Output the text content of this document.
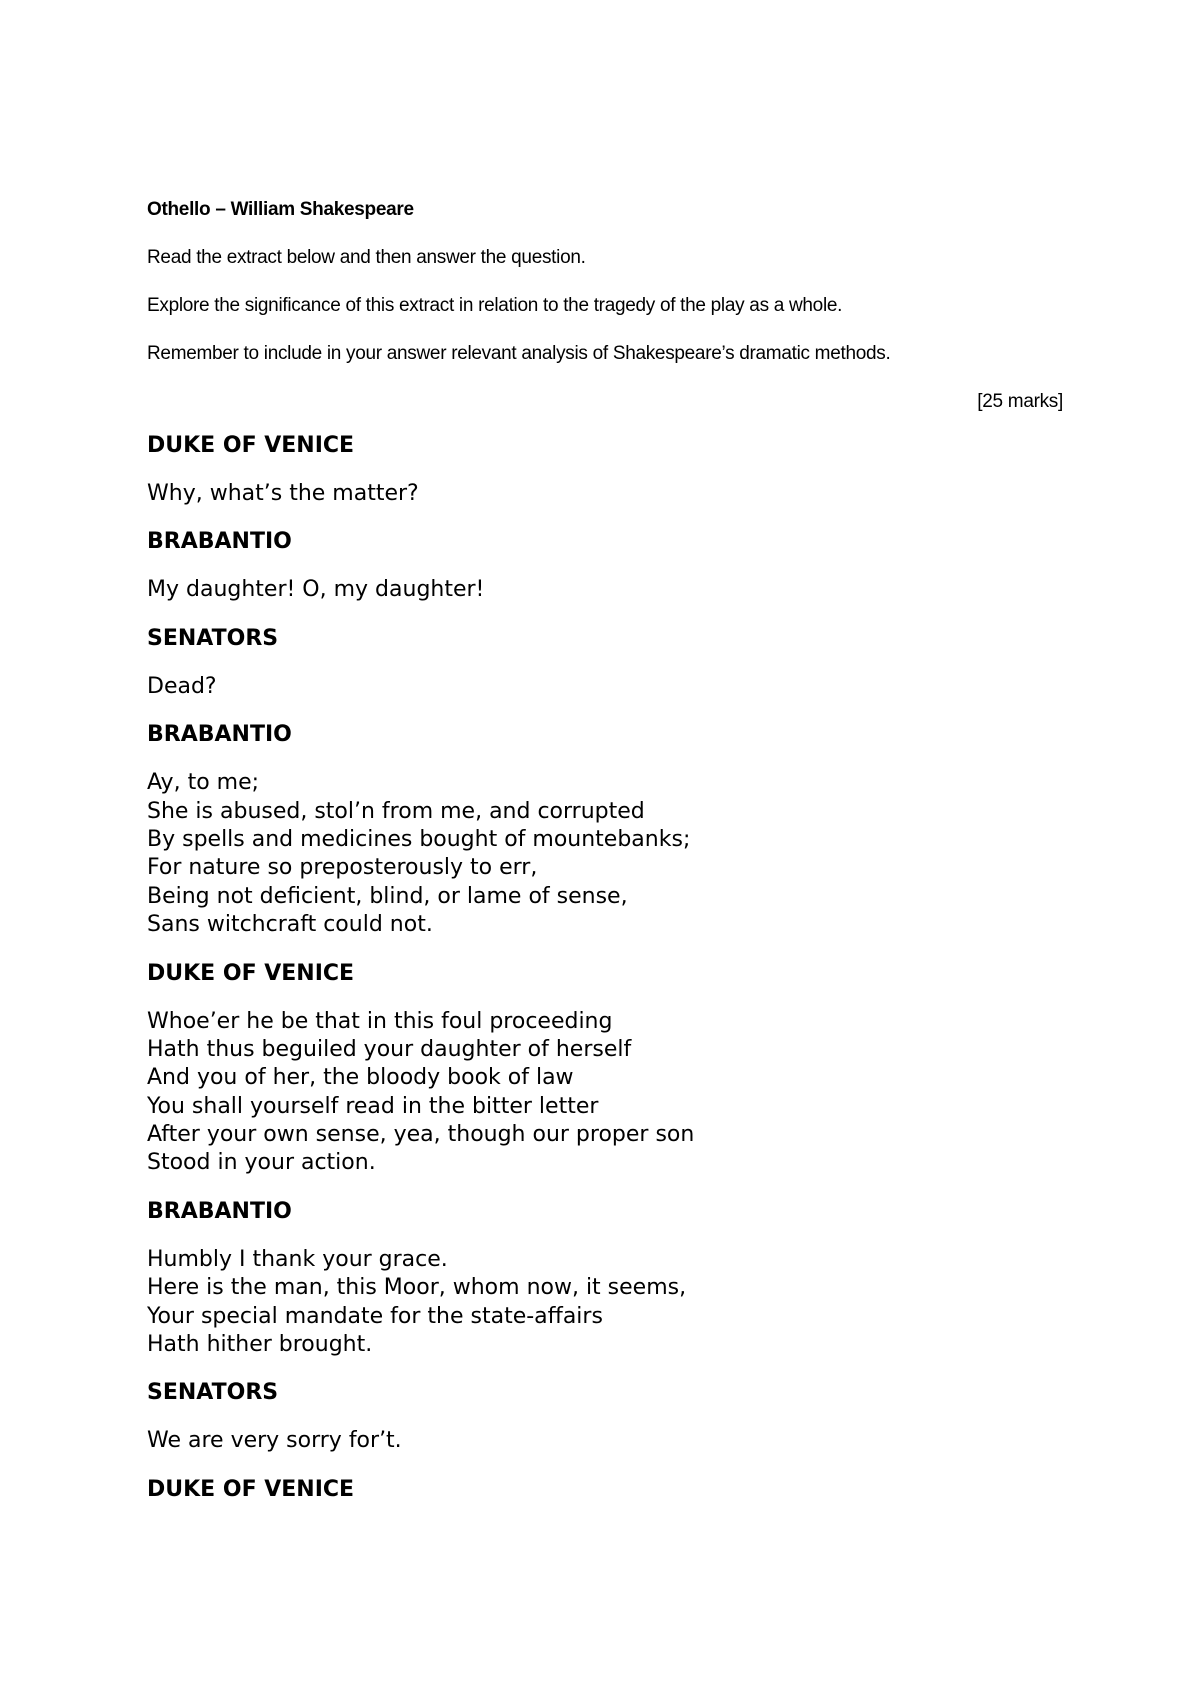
Othello – William Shakespeare
Read the extract below and then answer the question.
Explore the significance of this extract in relation to the tragedy of the play as a whole.
Remember to include in your answer relevant analysis of Shakespeare’s dramatic methods.
[25 marks]
DUKE OF VENICE
Why, what’s the matter?
BRABANTIO
My daughter! O, my daughter!
SENATORS
Dead?
BRABANTIO
Ay, to me;
She is abused, stol’n from me, and corrupted
By spells and medicines bought of mountebanks;
For nature so preposterously to err,
Being not deficient, blind, or lame of sense,
Sans witchcraft could not.
DUKE OF VENICE
Whoe’er he be that in this foul proceeding
Hath thus beguiled your daughter of herself
And you of her, the bloody book of law
You shall yourself read in the bitter letter
After your own sense, yea, though our proper son
Stood in your action.
BRABANTIO
Humbly I thank your grace.
Here is the man, this Moor, whom now, it seems,
Your special mandate for the state-affairs
Hath hither brought.
SENATORS
We are very sorry for’t.
DUKE OF VENICE
